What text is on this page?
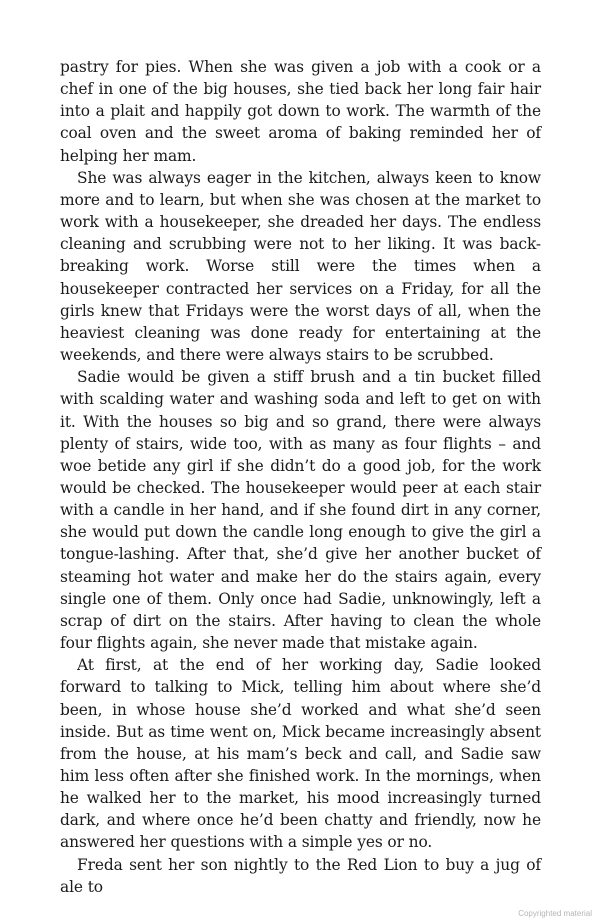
pastry for pies. When she was given a job with a cook or a chef in one of the big houses, she tied back her long fair hair into a plait and happily got down to work. The warmth of the coal oven and the sweet aroma of baking reminded her of helping her mam.

She was always eager in the kitchen, always keen to know more and to learn, but when she was chosen at the market to work with a housekeeper, she dreaded her days. The endless cleaning and scrubbing were not to her liking. It was back-breaking work. Worse still were the times when a housekeeper contracted her services on a Friday, for all the girls knew that Fridays were the worst days of all, when the heaviest cleaning was done ready for entertaining at the weekends, and there were always stairs to be scrubbed.

Sadie would be given a stiff brush and a tin bucket filled with scalding water and washing soda and left to get on with it. With the houses so big and so grand, there were always plenty of stairs, wide too, with as many as four flights – and woe betide any girl if she didn’t do a good job, for the work would be checked. The housekeeper would peer at each stair with a candle in her hand, and if she found dirt in any corner, she would put down the candle long enough to give the girl a tongue-lashing. After that, she’d give her another bucket of steaming hot water and make her do the stairs again, every single one of them. Only once had Sadie, unknowingly, left a scrap of dirt on the stairs. After having to clean the whole four flights again, she never made that mistake again.

At first, at the end of her working day, Sadie looked forward to talking to Mick, telling him about where she’d been, in whose house she’d worked and what she’d seen inside. But as time went on, Mick became increasingly absent from the house, at his mam’s beck and call, and Sadie saw him less often after she finished work. In the mornings, when he walked her to the market, his mood increasingly turned dark, and where once he’d been chatty and friendly, now he answered her questions with a simple yes or no.

Freda sent her son nightly to the Red Lion to buy a jug of ale to

Copyrighted material
